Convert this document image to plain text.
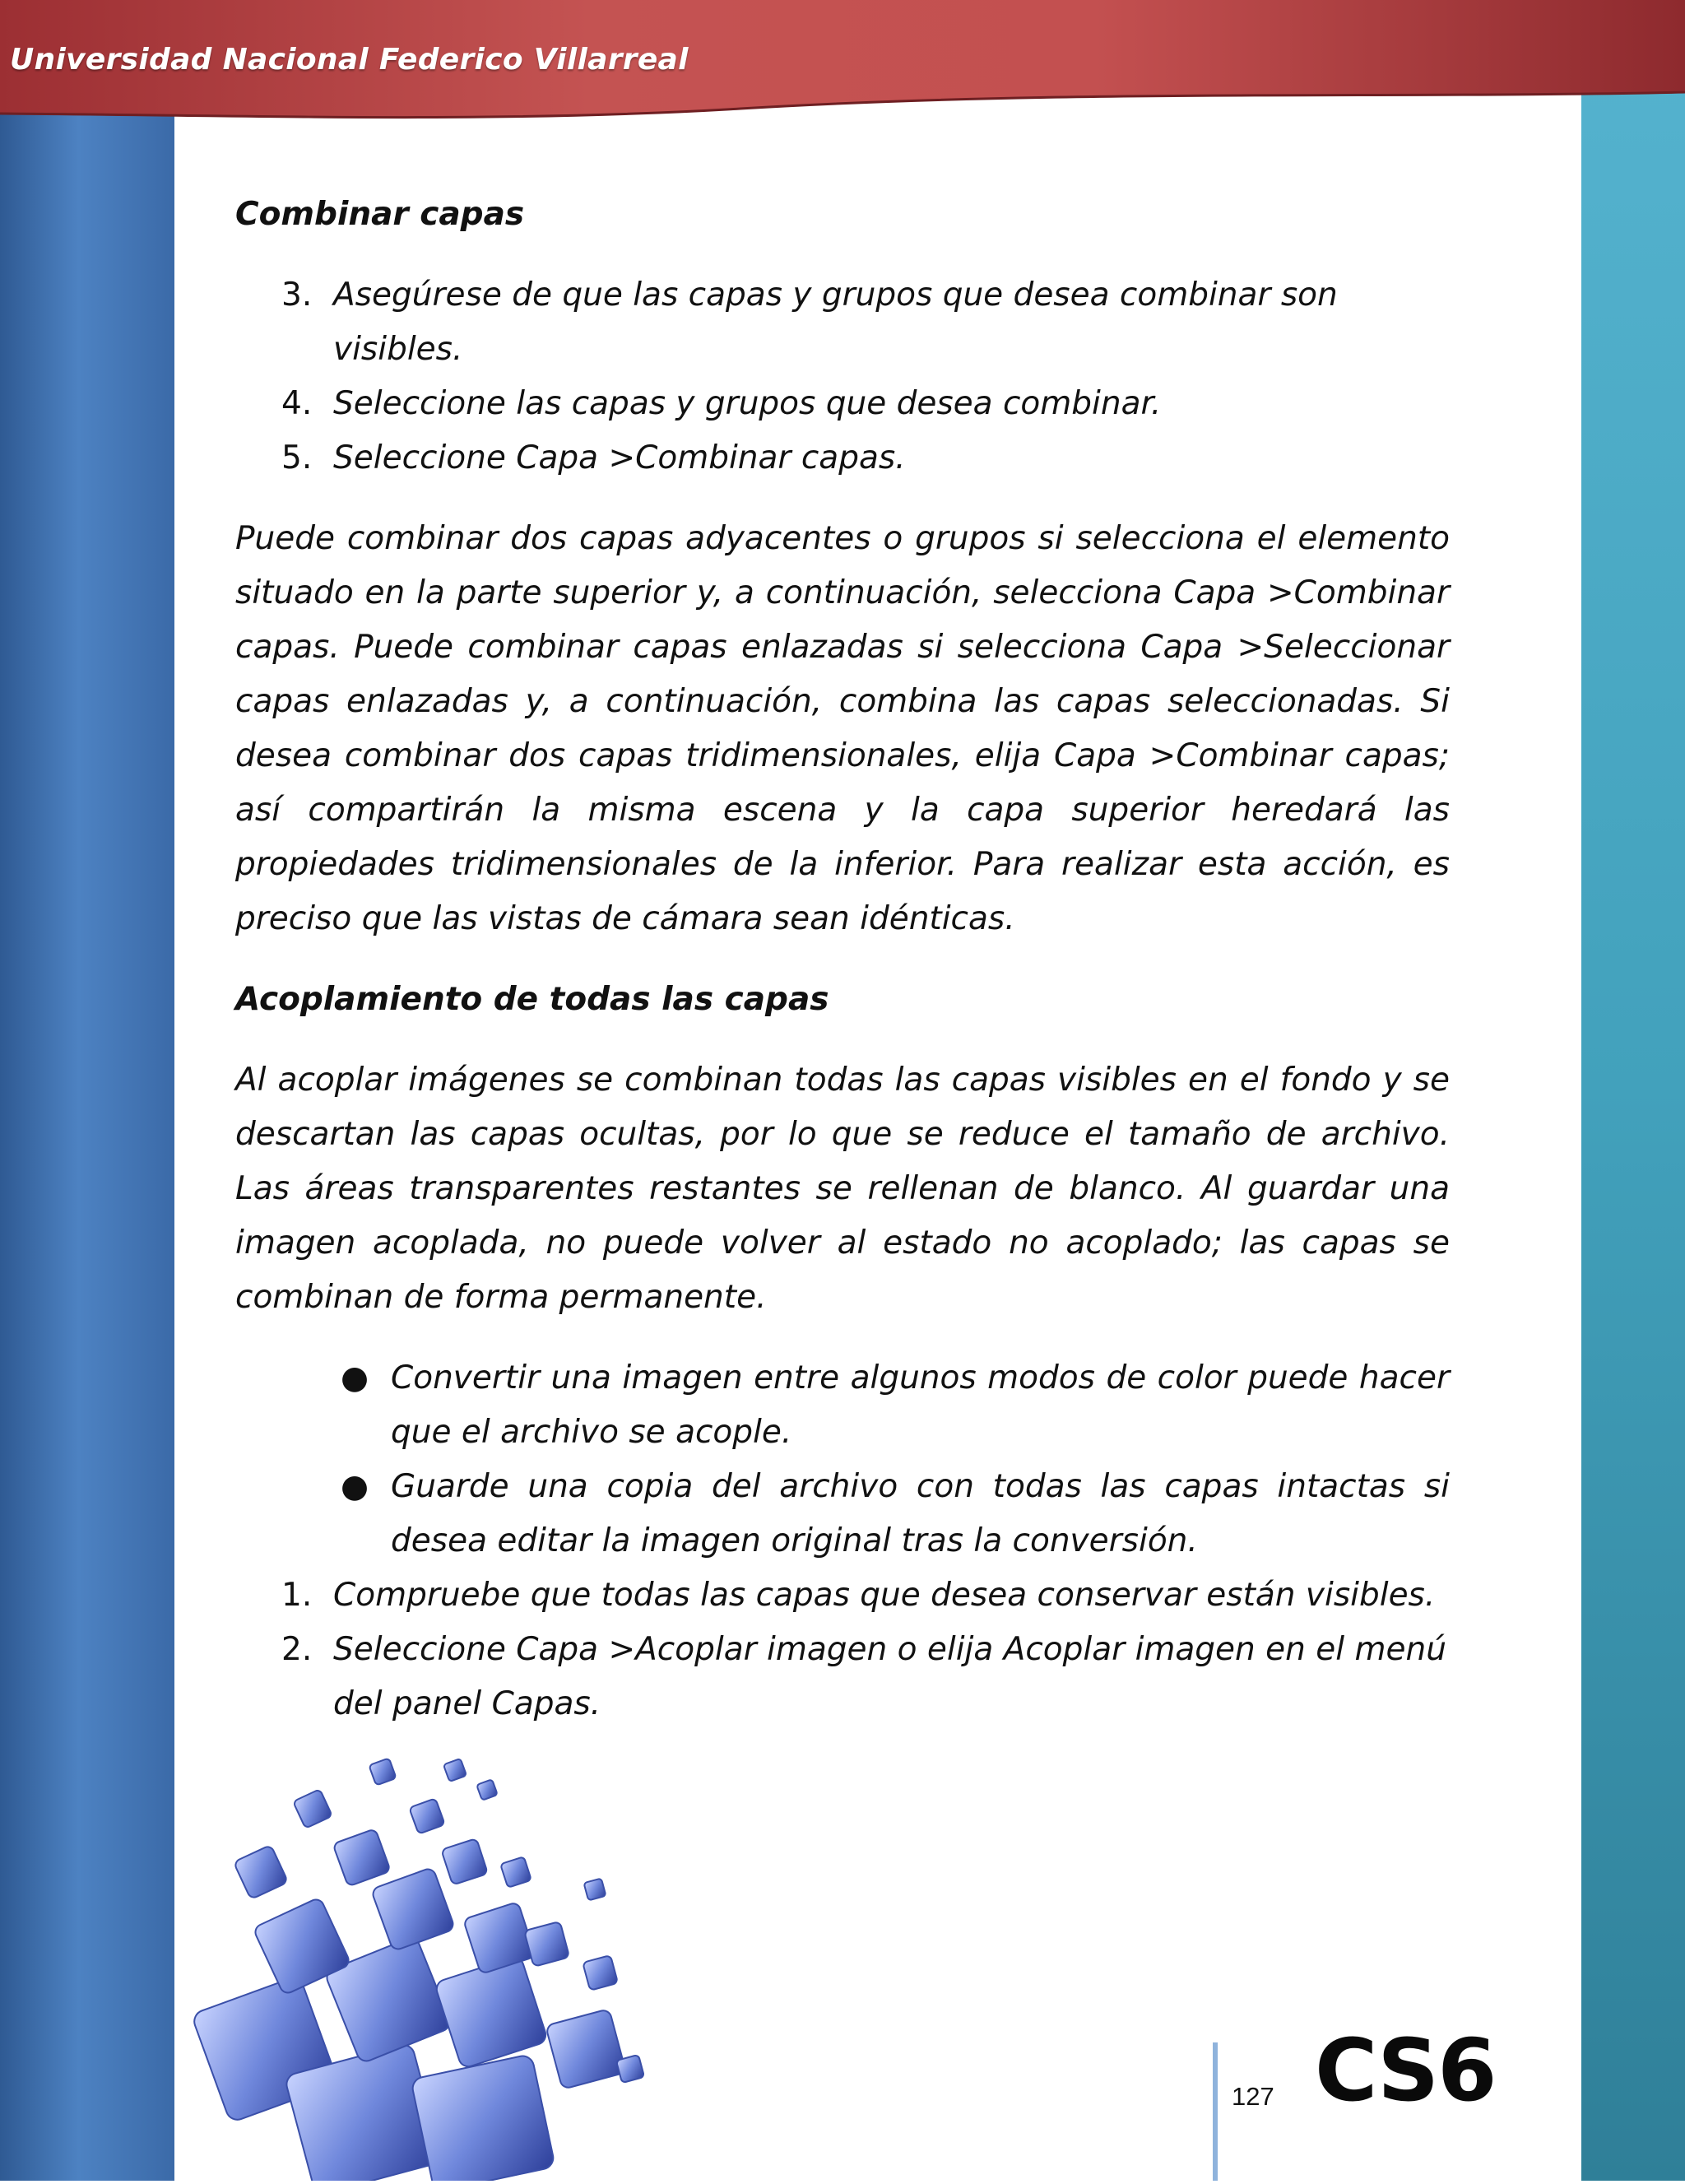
Universidad Nacional Federico Villarreal
Combinar capas
3. Asegúrese de que las capas y grupos que desea combinar son visibles.
4. Seleccione las capas y grupos que desea combinar.
5. Seleccione Capa >Combinar capas.

Puede combinar dos capas adyacentes o grupos si selecciona el elemento situado en la parte superior y, a continuación, selecciona Capa >Combinar capas. Puede combinar capas enlazadas si selecciona Capa >Seleccionar capas enlazadas y, a continuación, combina las capas seleccionadas. Si desea combinar dos capas tridimensionales, elija Capa >Combinar capas; así compartirán la misma escena y la capa superior heredará las propiedades tridimensionales de la inferior. Para realizar esta acción, es preciso que las vistas de cámara sean idénticas.

Acoplamiento de todas las capas

Al acoplar imágenes se combinan todas las capas visibles en el fondo y se descartan las capas ocultas, por lo que se reduce el tamaño de archivo. Las áreas transparentes restantes se rellenan de blanco. Al guardar una imagen acoplada, no puede volver al estado no acoplado; las capas se combinan de forma permanente.

● Convertir una imagen entre algunos modos de color puede hacer que el archivo se acople.
● Guarde una copia del archivo con todas las capas intactas si desea editar la imagen original tras la conversión.
1. Compruebe que todas las capas que desea conservar están visibles.
2. Seleccione Capa >Acoplar imagen o elija Acoplar imagen en el menú del panel Capas.
127 CS6
